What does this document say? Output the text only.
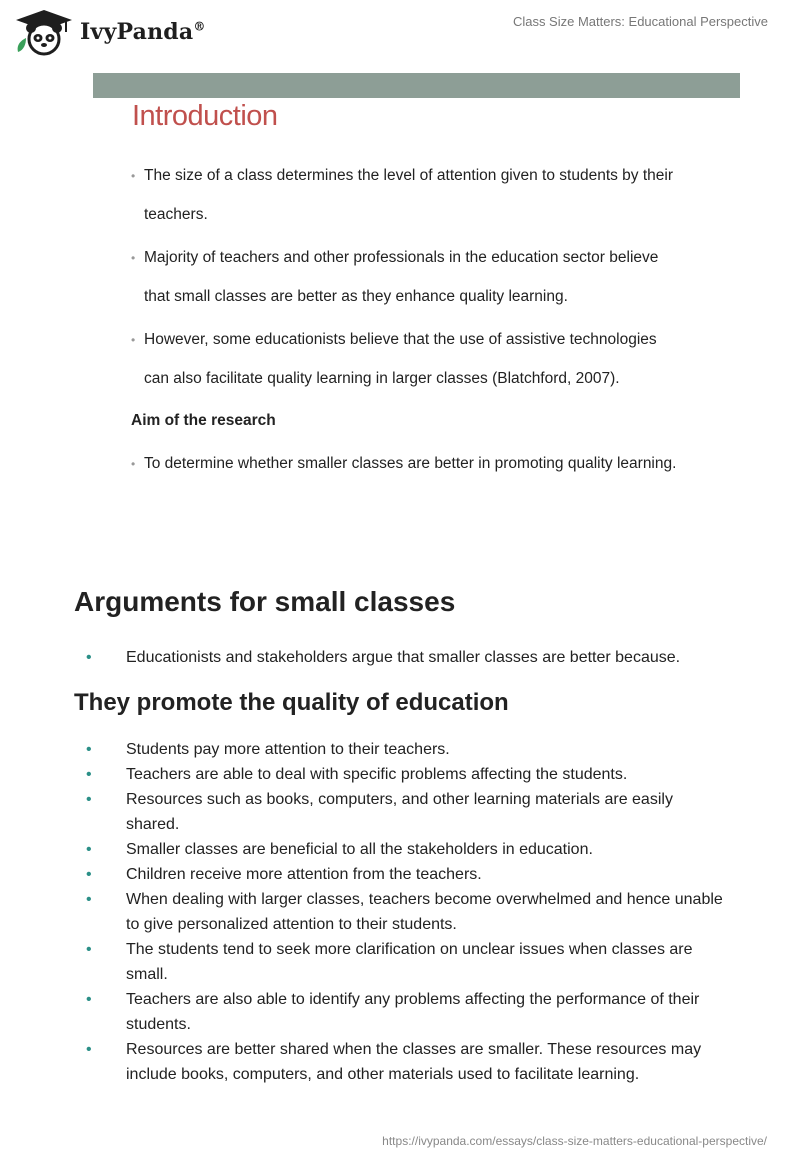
IvyPanda®	Class Size Matters: Educational Perspective
Introduction
• The size of a class determines the level of attention given to students by their
teachers.
• Majority of teachers and other professionals in the education sector believe
that small classes are better as they enhance quality learning.
• However, some educationists believe that the use of assistive technologies
can also facilitate quality learning in larger classes (Blatchford, 2007).
Aim of the research
• To determine whether smaller classes are better in promoting quality learning.
Arguments for small classes
• Educationists and stakeholders argue that smaller classes are better because.
They promote the quality of education
• Students pay more attention to their teachers.
• Teachers are able to deal with specific problems affecting the students.
• Resources such as books, computers, and other learning materials are easily shared.
• Smaller classes are beneficial to all the stakeholders in education.
• Children receive more attention from the teachers.
• When dealing with larger classes, teachers become overwhelmed and hence unable to give personalized attention to their students.
• The students tend to seek more clarification on unclear issues when classes are small.
• Teachers are also able to identify any problems affecting the performance of their students.
• Resources are better shared when the classes are smaller. These resources may include books, computers, and other materials used to facilitate learning.
https://ivypanda.com/essays/class-size-matters-educational-perspective/
